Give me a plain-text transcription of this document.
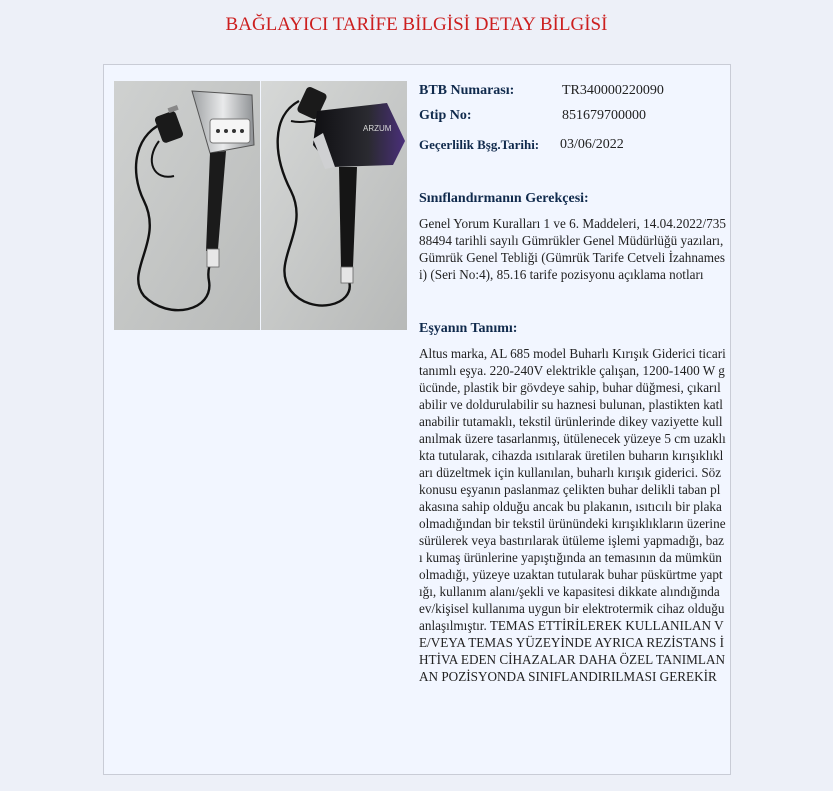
BAĞLAYICI TARİFE BİLGİSİ DETAY BİLGİSİ
ARZUM
BTB Numarası:	TR340000220090
Gtip No:	851679700000
Geçerlilik Bşg.Tarihi: 03/06/2022
Sınıflandırmanın Gerekçesi:
Genel Yorum Kuralları 1 ve 6. Maddeleri, 14.04.2022/73588494 tarihli sayılı Gümrükler Genel Müdürlüğü yazıları, Gümrük Genel Tebliği (Gümrük Tarife Cetveli İzahnamesi) (Seri No:4), 85.16 tarife pozisyonu açıklama notları
Eşyanın Tanımı:
Altus marka, AL 685 model Buharlı Kırışık Giderici ticari tanımlı eşya. 220-240V elektrikle çalışan, 1200-1400 W gücünde, plastik bir gövdeye sahip, buhar düğmesi, çıkarılabilir ve doldurulabilir su haznesi bulunan, plastikten katlanabilir tutamaklı, tekstil ürünlerinde dikey vaziyette kullanılmak üzere tasarlanmış, ütülenecek yüzeye 5 cm uzaklıkta tutularak, cihazda ısıtılarak üretilen buharın kırışıklıkları düzeltmek için kullanılan, buharlı kırışık giderici. Söz konusu eşyanın paslanmaz çelikten buhar delikli taban plakasına sahip olduğu ancak bu plakanın, ısıtıcılı bir plaka olmadığından bir tekstil ürünündeki kırışıklıkların üzerine sürülerek veya bastırılarak ütüleme işlemi yapmadığı, bazı kumaş ürünlerine yapıştığında an temasının da mümkün olmadığı, yüzeye uzaktan tutularak buhar püskürtme yaptığı, kullanım alanı/şekli ve kapasitesi dikkate alındığında ev/kişisel kullanıma uygun bir elektrotermik cihaz olduğu anlaşılmıştır. TEMAS ETTİRİLEREK KULLANILAN VE/VEYA TEMAS YÜZEYİNDE AYRICA REZİSTANS İHTİVA EDEN CİHAZALAR DAHA ÖZEL TANIMLANAN POZİSYONDA SINIFLANDIRILMASI GEREKİR
